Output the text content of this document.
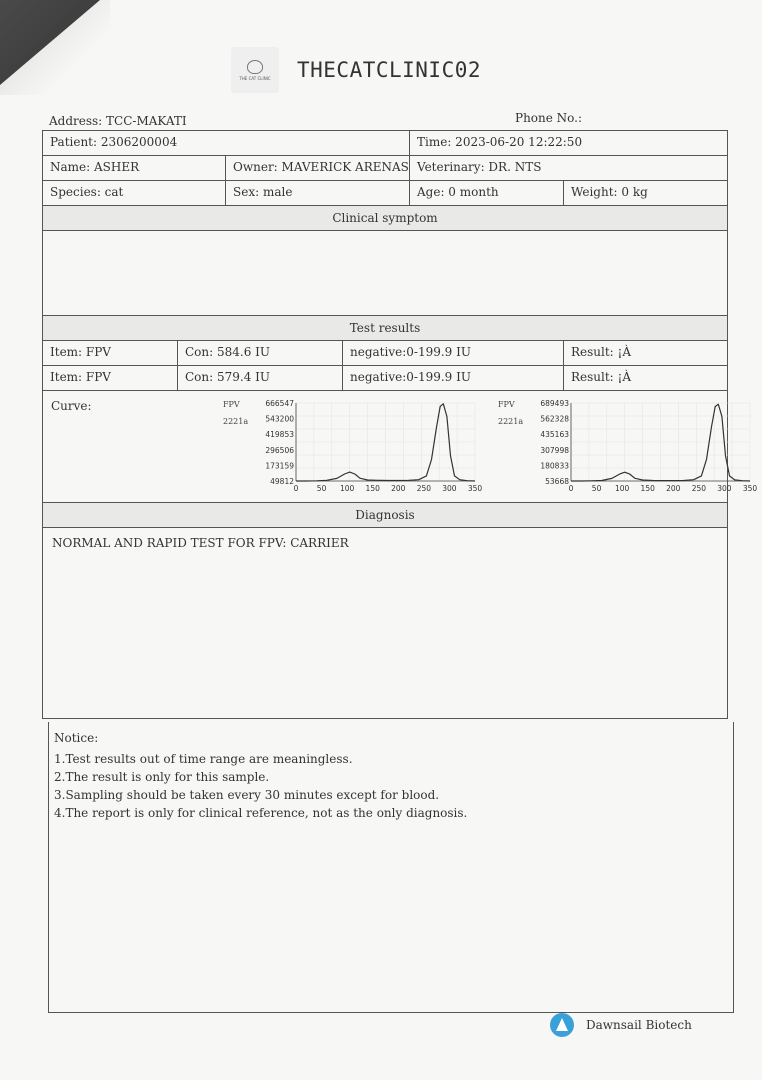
THE CAT CLINIC THECATCLINIC02
Address: TCC-MAKATI	Phone No.:
Patient: 2306200004	Time: 2023-06-20 12:22:50
Name: ASHER	Owner: MAVERICK ARENAS Veterinary: DR. NTS
Species: cat	Sex: male	Age: 0 month	Weight: 0 kg
Clinical symptom
Test results
Item: FPV	Con: 584.6 IU	negative:0-199.9 IU	Result: ¡À
Item: FPV	Con: 579.4 IU	negative:0-199.9 IU	Result: ¡À
Curve:	FPV
2221a
666547
543200
419853
296506
173159
49812
0 50 100 150 200 250 300 350
FPV
2221a
689493
562328
435163
307998
180833
53668
0 50 100 150 200 250 300 350
Diagnosis
NORMAL AND RAPID TEST FOR FPV: CARRIER
Notice:
1.Test results out of time range are meaningless.
2.The result is only for this sample.
3.Sampling should be taken every 30 minutes except for blood.
4.The report is only for clinical reference, not as the only diagnosis.
Dawnsail Biotech
